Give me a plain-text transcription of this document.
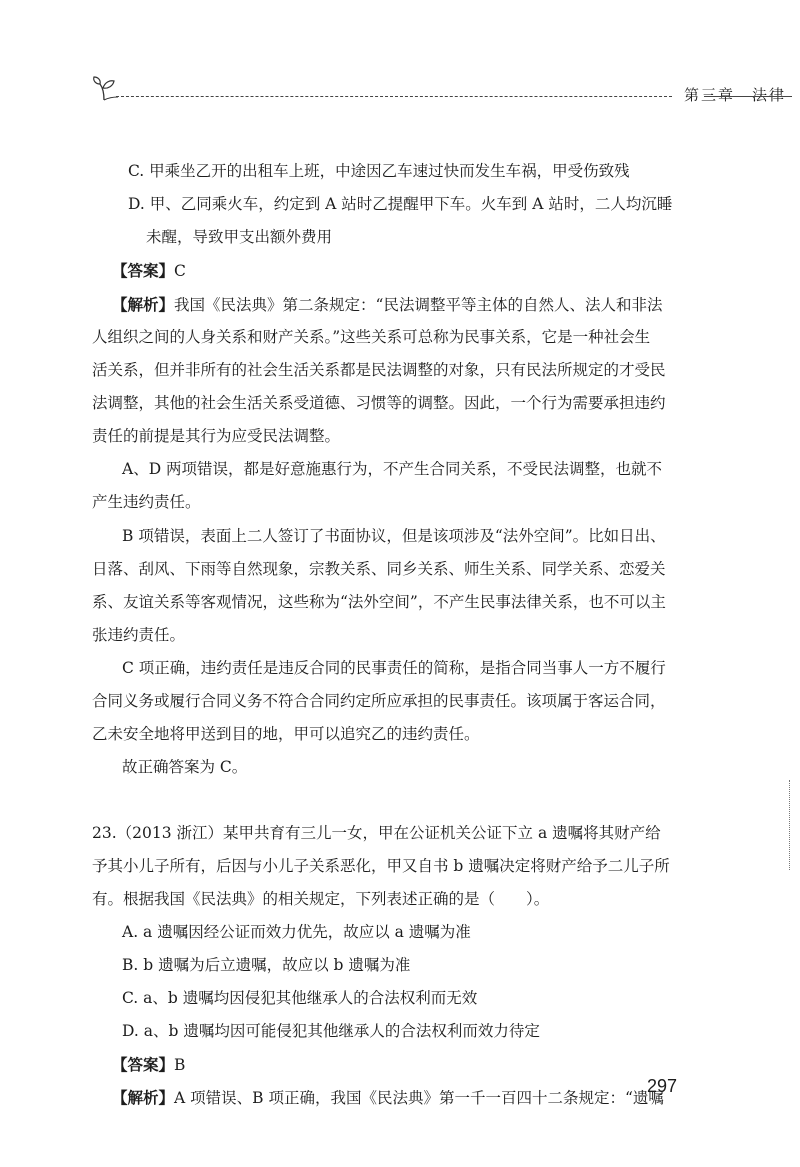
第三章　法律
C. 甲乘坐乙开的出租车上班，中途因乙车速过快而发生车祸，甲受伤致残
D. 甲、乙同乘火车，约定到 A 站时乙提醒甲下车。火车到 A 站时，二人均沉睡
未醒，导致甲支出额外费用
【答案】C
【解析】我国《民法典》第二条规定：“民法调整平等主体的自然人、法人和非法
人组织之间的人身关系和财产关系。”这些关系可总称为民事关系，它是一种社会生
活关系，但并非所有的社会生活关系都是民法调整的对象，只有民法所规定的才受民
法调整，其他的社会生活关系受道德、习惯等的调整。因此，一个行为需要承担违约
责任的前提是其行为应受民法调整。
A、D 两项错误，都是好意施惠行为，不产生合同关系，不受民法调整，也就不
产生违约责任。
B 项错误，表面上二人签订了书面协议，但是该项涉及“法外空间”。比如日出、
日落、刮风、下雨等自然现象，宗教关系、同乡关系、师生关系、同学关系、恋爱关
系、友谊关系等客观情况，这些称为“法外空间”，不产生民事法律关系，也不可以主
张违约责任。
C 项正确，违约责任是违反合同的民事责任的简称，是指合同当事人一方不履行
合同义务或履行合同义务不符合合同约定所应承担的民事责任。该项属于客运合同，
乙未安全地将甲送到目的地，甲可以追究乙的违约责任。
故正确答案为 C。
23.（2013 浙江）某甲共育有三儿一女，甲在公证机关公证下立 a 遗嘱将其财产给
予其小儿子所有，后因与小儿子关系恶化，甲又自书 b 遗嘱决定将财产给予二儿子所
有。根据我国《民法典》的相关规定，下列表述正确的是（　　）。
A. a 遗嘱因经公证而效力优先，故应以 a 遗嘱为准
B. b 遗嘱为后立遗嘱，故应以 b 遗嘱为准
C. a、b 遗嘱均因侵犯其他继承人的合法权利而无效
D. a、b 遗嘱均因可能侵犯其他继承人的合法权利而效力待定
【答案】B
【解析】A 项错误、B 项正确，我国《民法典》第一千一百四十二条规定：“遗嘱
297
